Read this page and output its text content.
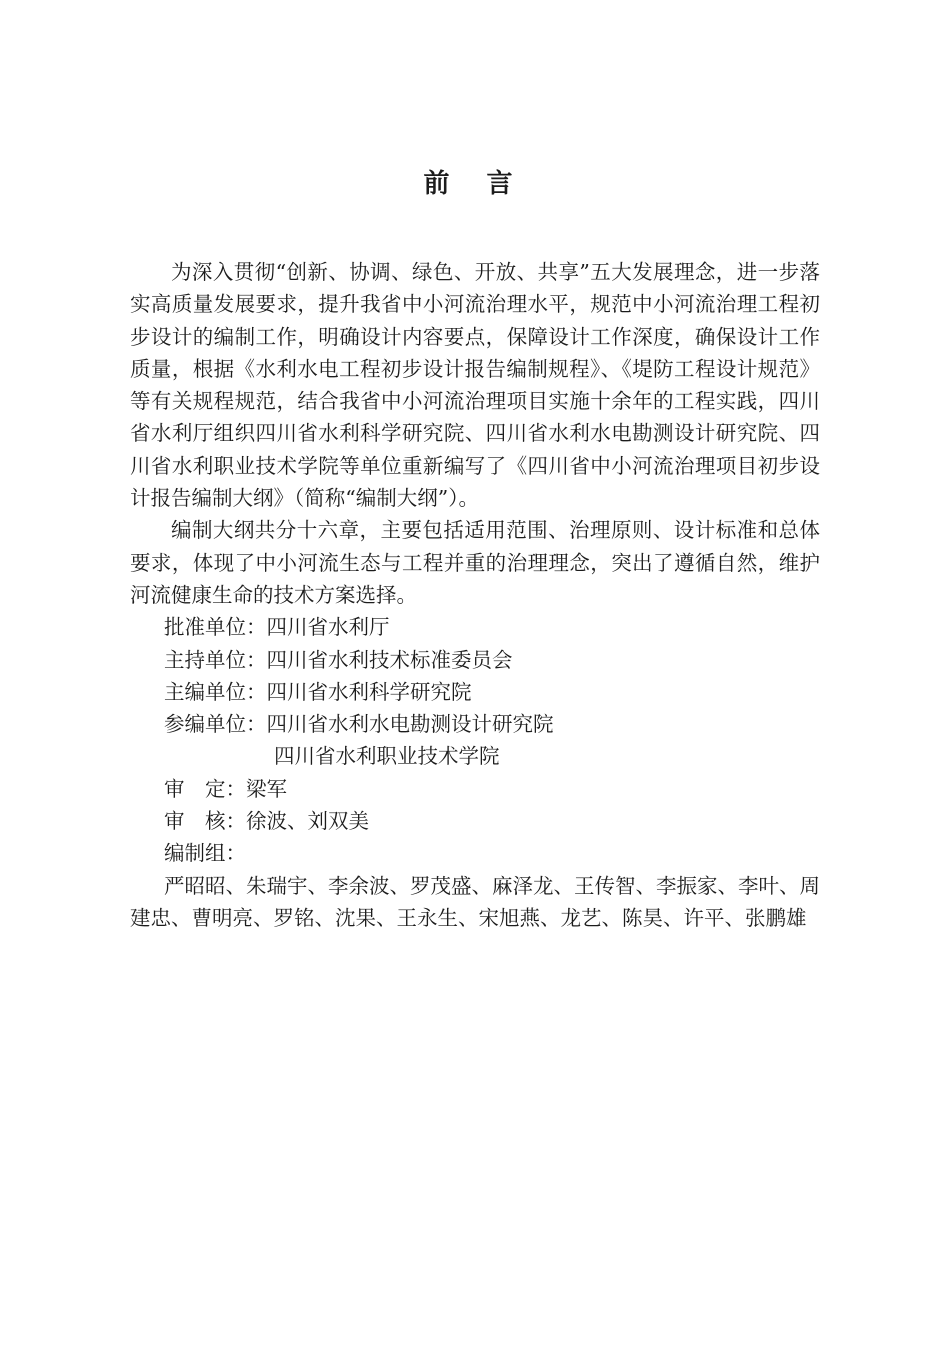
前 言

为深入贯彻“创新、协调、绿色、开放、共享”五大发展理念，进一步落实高质量发展要求，提升我省中小河流治理水平，规范中小河流治理工程初步设计的编制工作，明确设计内容要点，保障设计工作深度，确保设计工作质量，根据《水利水电工程初步设计报告编制规程》、《堤防工程设计规范》等有关规程规范，结合我省中小河流治理项目实施十余年的工程实践，四川省水利厅组织四川省水利科学研究院、四川省水利水电勘测设计研究院、四川省水利职业技术学院等单位重新编写了《四川省中小河流治理项目初步设计报告编制大纲》（简称“编制大纲”）。

编制大纲共分十六章，主要包括适用范围、治理原则、设计标准和总体要求，体现了中小河流生态与工程并重的治理理念，突出了遵循自然，维护河流健康生命的技术方案选择。

批准单位：四川省水利厅

主持单位：四川省水利技术标准委员会

主编单位：四川省水利科学研究院

参编单位：四川省水利水电勘测设计研究院

四川省水利职业技术学院

审　定：梁军

审　核：徐波、刘双美

编制组：

严昭昭、朱瑞宇、李余波、罗茂盛、麻泽龙、王传智、李振家、李叶、周建忠、曹明亮、罗铭、沈果、王永生、宋旭燕、龙艺、陈昊、许平、张鹏雄
